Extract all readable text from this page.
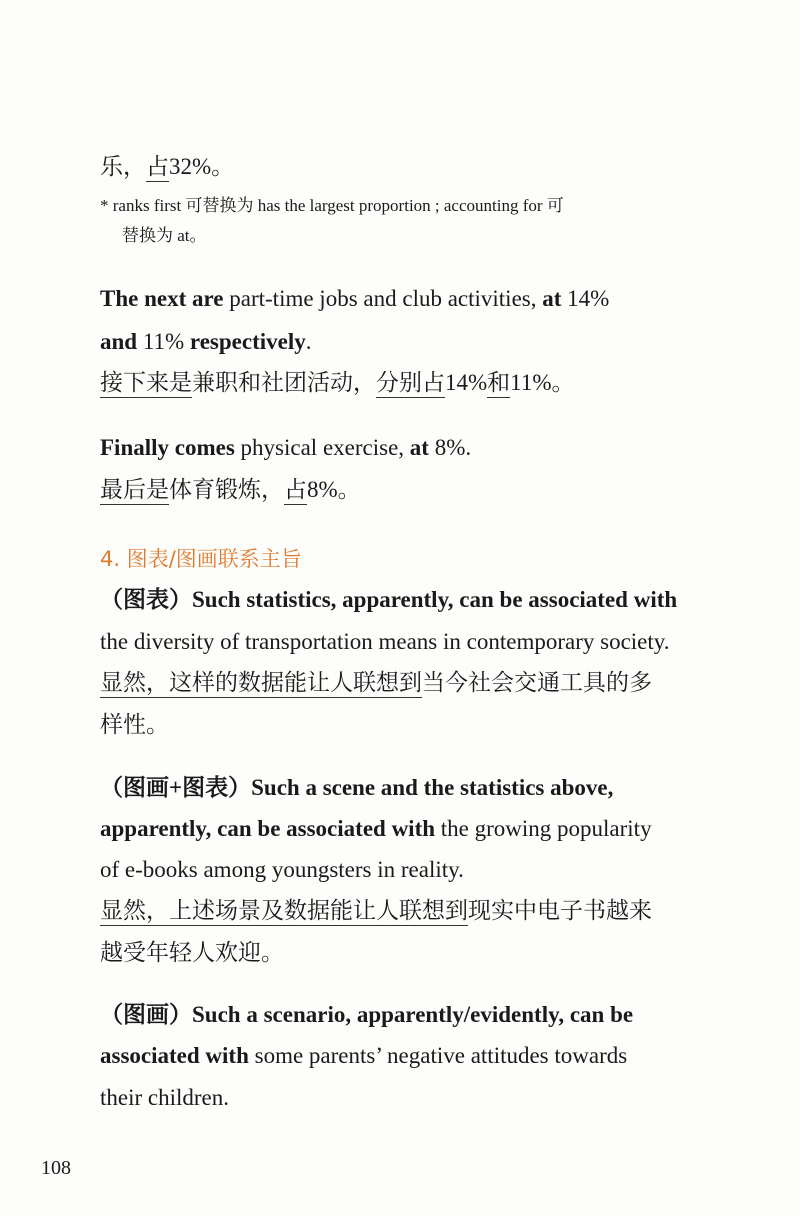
乐，占32%。
* ranks first 可替换为 has the largest proportion ; accounting for 可
替换为 at。
The next are part-time jobs and club activities, at 14%
and 11% respectively.
接下来是兼职和社团活动，分别占14%和11%。
Finally comes physical exercise, at 8%.
最后是体育锻炼，占8%。
4. 图表/图画联系主旨
（图表）Such statistics, apparently, can be associated with
the diversity of transportation means in contemporary society.
显然，这样的数据能让人联想到当今社会交通工具的多
样性。
（图画+图表）Such a scene and the statistics above,
apparently, can be associated with the growing popularity
of e-books among youngsters in reality.
显然，上述场景及数据能让人联想到现实中电子书越来
越受年轻人欢迎。
（图画）Such a scenario, apparently/evidently, can be
associated with some parents’ negative attitudes towards
their children.
108
